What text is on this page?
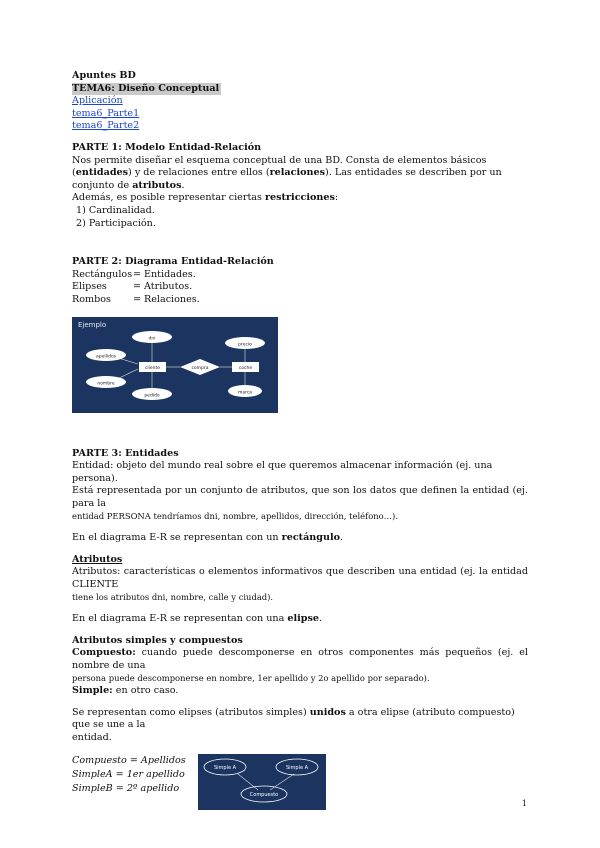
Apuntes BD
TEMA6: Diseño Conceptual
Aplicación
tema6_Parte1
tema6_Parte2
PARTE 1: Modelo Entidad-Relación
Nos permite diseñar el esquema conceptual de una BD. Consta de elementos básicos (entidades) y de relaciones entre ellos (relaciones). Las entidades se describen por un conjunto de atributos.
Además, es posible representar ciertas restricciones:
1) Cardinalidad.
2) Participación.
PARTE 2: Diagrama Entidad-Relación
Rectángulos = Entidades.
Elipses	= Atributos.
Rombos	= Relaciones.
Ejemplo
dni
apellidos
nombre
cliente	compra	coche
pedido
precio
marca
PARTE 3: Entidades
Entidad: objeto del mundo real sobre el que queremos almacenar información (ej. una persona).
Está representada por un conjunto de atributos, que son los datos que definen la entidad (ej. para la
entidad PERSONA tendríamos dni, nombre, apellidos, dirección, teléfono…).
En el diagrama E-R se representan con un rectángulo.
Atributos
Atributos: características o elementos informativos que describen una entidad (ej. la entidad CLIENTE
tiene los atributos dni, nombre, calle y ciudad).
En el diagrama E-R se representan con una elipse.
Atributos simples y compuestos
Compuesto: cuando puede descomponerse en otros componentes más pequeños (ej. el nombre de una
persona puede descomponerse en nombre, 1er apellido y 2o apellido por separado).
Simple: en otro caso.
Se representan como elipses (atributos simples) unidos a otra elipse (atributo compuesto) que se une a la
entidad.
Compuesto = Apellidos
SimpleA = 1er apellido
SimpleB = 2º apellido
Simple A	Simple A
Compuesto
1
